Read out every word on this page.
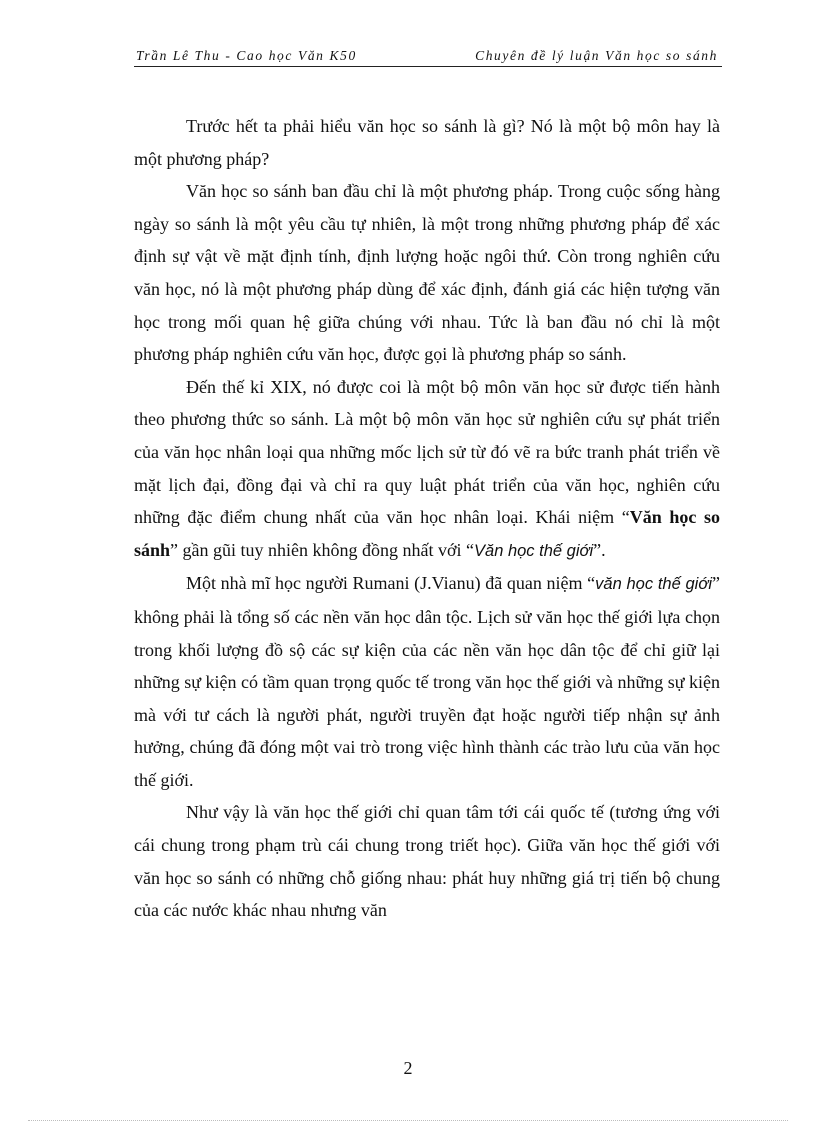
Trần Lê Thu - Cao học Văn K50	Chuyên đề lý luận Văn học so sánh

Trước hết ta phải hiểu văn học so sánh là gì? Nó là một bộ môn hay là một phương pháp?

Văn học so sánh ban đầu chỉ là một phương pháp. Trong cuộc sống hàng ngày so sánh là một yêu cầu tự nhiên, là một trong những phương pháp để xác định sự vật về mặt định tính, định lượng hoặc ngôi thứ. Còn trong nghiên cứu văn học, nó là một phương pháp dùng để xác định, đánh giá các hiện tượng văn học trong mối quan hệ giữa chúng với nhau. Tức là ban đầu nó chỉ là một phương pháp nghiên cứu văn học, được gọi là phương pháp so sánh.

Đến thế kỉ XIX, nó được coi là một bộ môn văn học sử được tiến hành theo phương thức so sánh. Là một bộ môn văn học sử nghiên cứu sự phát triển của văn học nhân loại qua những mốc lịch sử từ đó vẽ ra bức tranh phát triển về mặt lịch đại, đồng đại và chỉ ra quy luật phát triển của văn học, nghiên cứu những đặc điểm chung nhất của văn học nhân loại. Khái niệm “Văn học so sánh” gần gũi tuy nhiên không đồng nhất với “Văn học thế giới”.

Một nhà mĩ học người Rumani (J.Vianu) đã quan niệm “văn học thế giới” không phải là tổng số các nền văn học dân tộc. Lịch sử văn học thế giới lựa chọn trong khối lượng đồ sộ các sự kiện của các nền văn học dân tộc để chỉ giữ lại những sự kiện có tầm quan trọng quốc tế trong văn học thế giới và những sự kiện mà với tư cách là người phát, người truyền đạt hoặc người tiếp nhận sự ảnh hưởng, chúng đã đóng một vai trò trong việc hình thành các trào lưu của văn học thế giới.

Như vậy là văn học thế giới chỉ quan tâm tới cái quốc tế (tương ứng với cái chung trong phạm trù cái chung trong triết học). Giữa văn học thế giới với văn học so sánh có những chỗ giống nhau: phát huy những giá trị tiến bộ chung của các nước khác nhau nhưng văn

2
